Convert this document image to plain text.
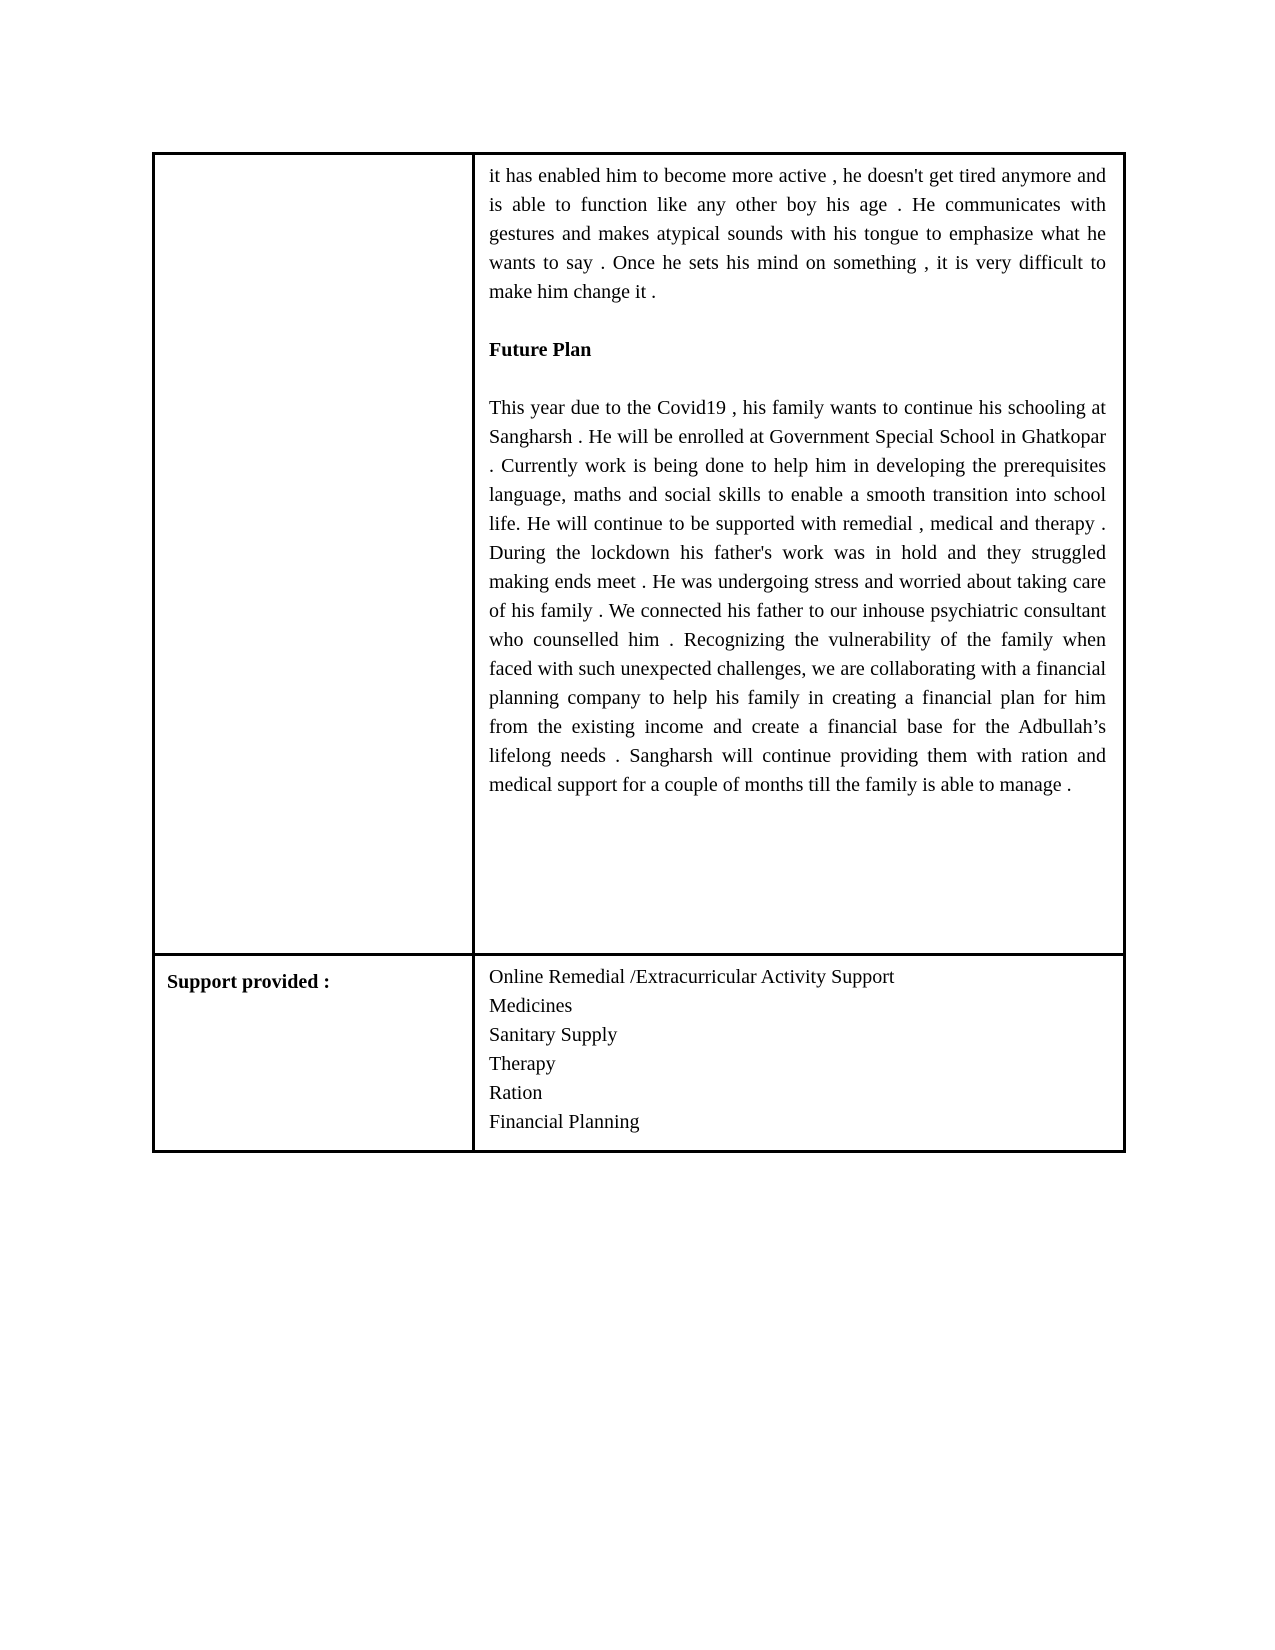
	it has enabled him to become more active , he doesn't get tired anymore and is able to function like any other boy his age . He communicates with gestures and makes atypical sounds with his tongue to emphasize what he wants to say . Once he sets his mind on something , it is very difficult to make him change it .

Future Plan

This year due to the Covid19 , his family wants to continue his schooling at Sangharsh . He will be enrolled at Government Special School in Ghatkopar . Currently work is being done to help him in developing the prerequisites language, maths and social skills to enable a smooth transition into school life. He will continue to be supported with remedial , medical and therapy . During the lockdown his father's work was in hold and they struggled making ends meet . He was undergoing stress and worried about taking care of his family . We connected his father to our inhouse psychiatric consultant who counselled him . Recognizing the vulnerability of the family when faced with such unexpected challenges, we are collaborating with a financial planning company to help his family in creating a financial plan for him from the existing income and create a financial base for the Adbullah’s lifelong needs . Sangharsh will continue providing them with ration and medical support for a couple of months till the family is able to manage .

Support provided :	Online Remedial /Extracurricular Activity Support
Medicines
Sanitary Supply
Therapy
Ration
Financial Planning
